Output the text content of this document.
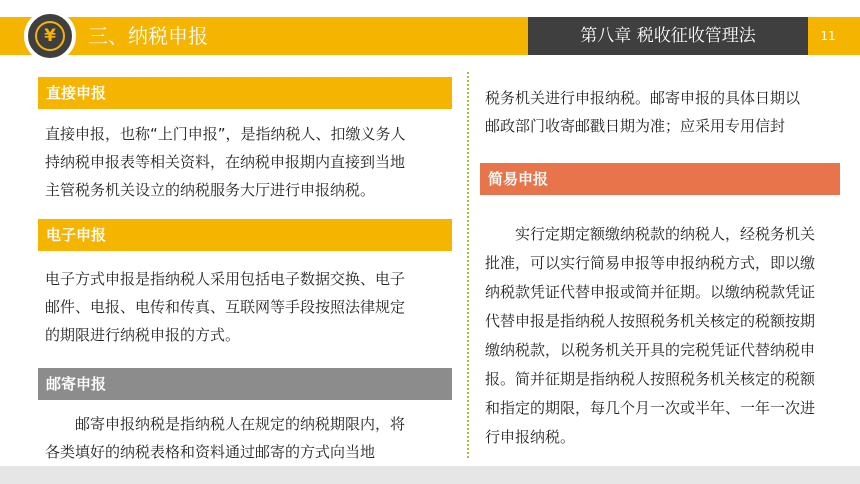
¥	三、纳税申报	第八章 税收征收管理法	11
直接申报
直接申报，也称“上门申报”，是指纳税人、扣缴义务人
持纳税申报表等相关资料，在纳税申报期内直接到当地
主管税务机关设立的纳税服务大厅进行申报纳税。
电子申报
电子方式申报是指纳税人采用包括电子数据交换、电子
邮件、电报、电传和传真、互联网等手段按照法律规定
的期限进行纳税申报的方式。
邮寄申报
邮寄申报纳税是指纳税人在规定的纳税期限内，将
各类填好的纳税表格和资料通过邮寄的方式向当地
税务机关进行申报纳税。邮寄申报的具体日期以
邮政部门收寄邮戳日期为准；应采用专用信封
简易申报
实行定期定额缴纳税款的纳税人，经税务机关
批准，可以实行简易申报等申报纳税方式，即以缴
纳税款凭证代替申报或简并征期。以缴纳税款凭证
代替申报是指纳税人按照税务机关核定的税额按期
缴纳税款，以税务机关开具的完税凭证代替纳税申
报。简并征期是指纳税人按照税务机关核定的税额
和指定的期限，每几个月一次或半年、一年一次进
行申报纳税。
